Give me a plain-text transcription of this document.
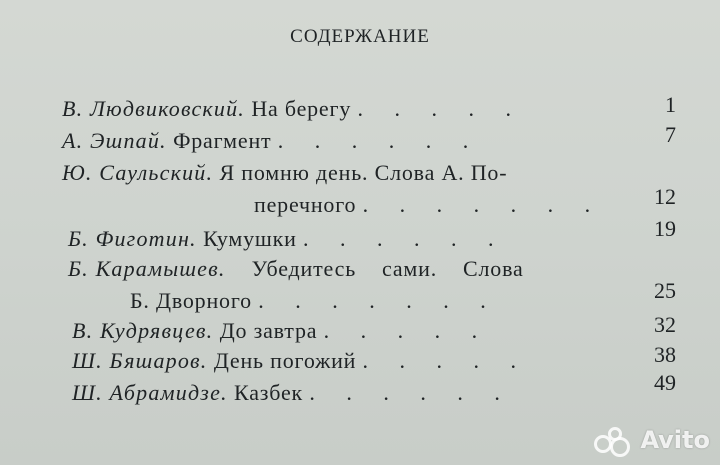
СОДЕРЖАНИЕ
В. Людвиковский. На берегу . . . . .	1
А. Эшпай. Фрагмент . . . . . .	7
Ю. Саульский. Я помню день. Слова А. По-
перечного . . . . . . . 12
Б. Фиготин. Кумушки . . . . . .	19
Б. Карамышев. Убедитесь сами. Слова
Б. Дворного . . . . . . .	25
В. Кудрявцев. До завтра . . . . .	32
Ш. Бяшаров. День погожий . . . . .	38
Ш. Абрамидзе. Казбек . . . . . .	49
Avito
